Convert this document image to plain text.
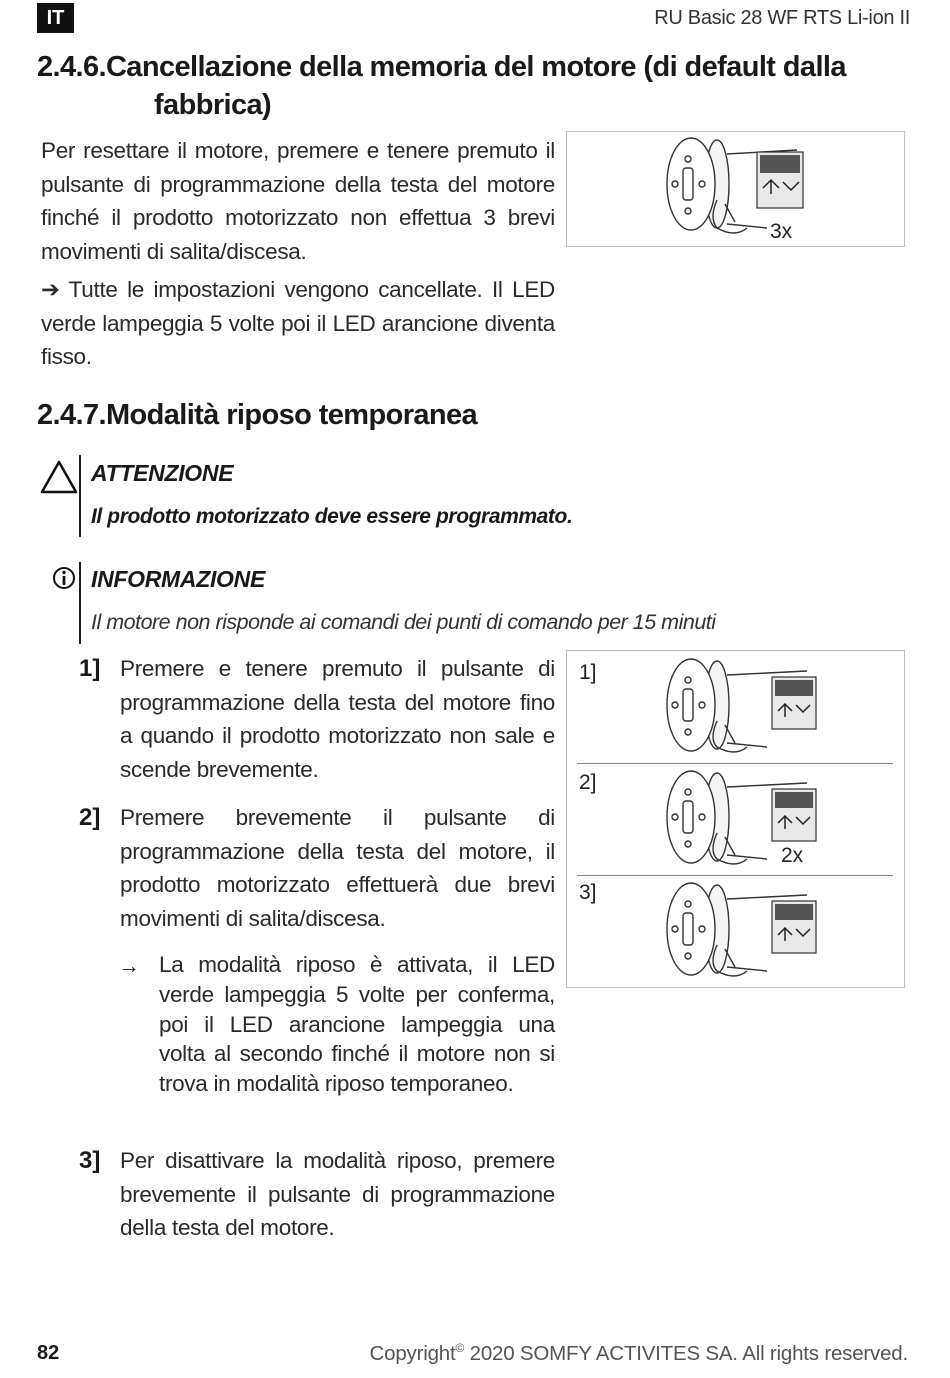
IT	RU Basic 28 WF RTS Li-ion II
2.4.6.Cancellazione della memoria del motore (di default dalla
fabbrica)
Per resettare il motore, premere e tenere premuto il pulsante di programmazione della testa del motore finché il prodotto motorizzato non effettua 3 brevi movimenti di salita/discesa.
➔ Tutte le impostazioni vengono cancellate. Il LED verde lampeggia 5 volte poi il LED arancione diventa fisso.
3x
2.4.7.Modalità riposo temporanea
ATTENZIONE
Il prodotto motorizzato deve essere programmato.
INFORMAZIONE
Il motore non risponde ai comandi dei punti di comando per 15 minuti
1] Premere e tenere premuto il pulsante di programmazione della testa del motore fino a quando il prodotto motorizzato non sale e scende brevemente.
2] Premere brevemente il pulsante di programmazione della testa del motore, il prodotto motorizzato effettuerà due brevi movimenti di salita/discesa.
→ La modalità riposo è attivata, il LED verde lampeggia 5 volte per conferma, poi il LED arancione lampeggia una volta al secondo finché il motore non si trova in modalità riposo temporaneo.
3] Per disattivare la modalità riposo, premere brevemente il pulsante di programmazione della testa del motore.
1]
2]
3]
2x
82	Copyright© 2020 SOMFY ACTIVITES SA. All rights reserved.
